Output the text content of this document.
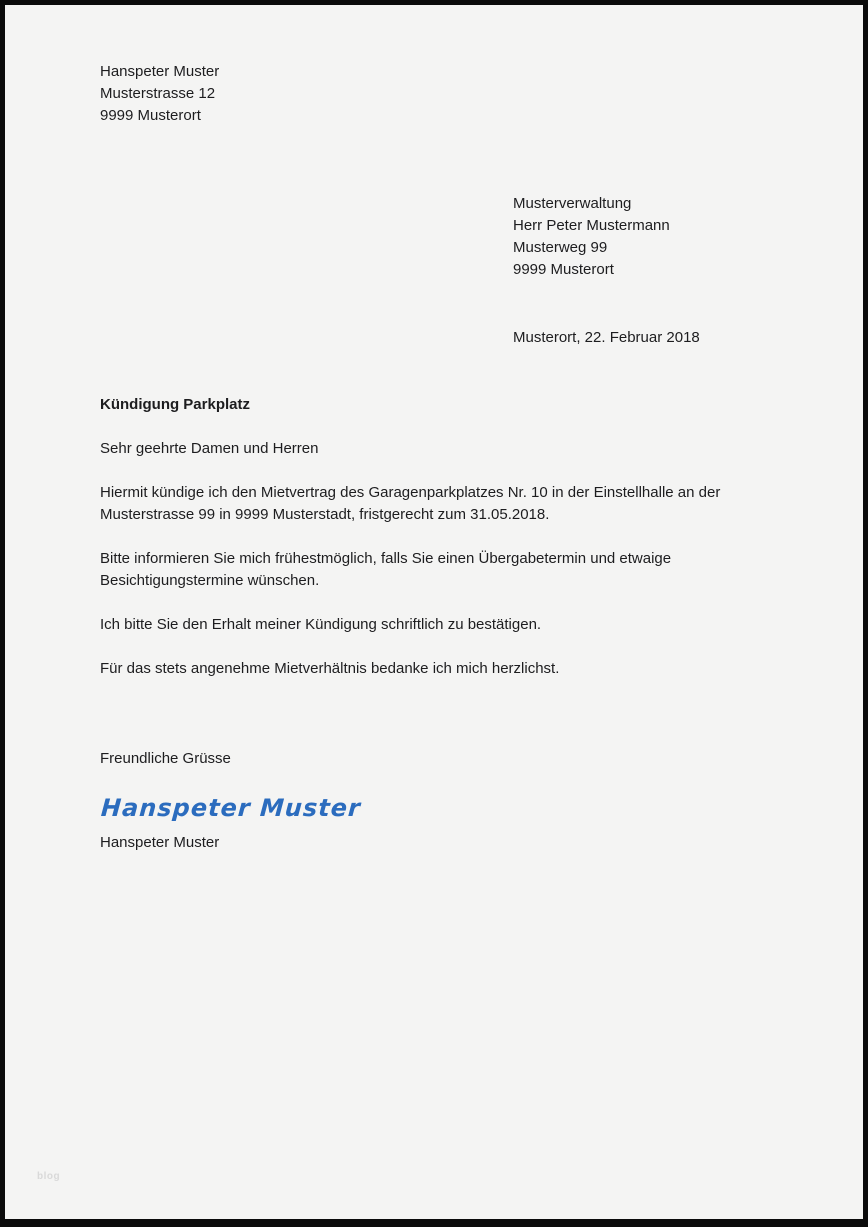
blog
Hanspeter Muster
Musterstrasse 12
9999 Musterort
Musterverwaltung
Herr Peter Mustermann
Musterweg 99
9999 Musterort
Musterort, 22. Februar 2018
Kündigung Parkplatz
Sehr geehrte Damen und Herren
Hiermit kündige ich den Mietvertrag des Garagenparkplatzes Nr. 10 in der Einstellhalle an der Musterstrasse 99 in 9999 Musterstadt, fristgerecht zum 31.05.2018.
Bitte informieren Sie mich frühestmöglich, falls Sie einen Übergabetermin und etwaige Besichtigungstermine wünschen.
Ich bitte Sie den Erhalt meiner Kündigung schriftlich zu bestätigen.
Für das stets angenehme Mietverhältnis bedanke ich mich herzlichst.
Freundliche Grüsse
Hanspeter Muster
Hanspeter Muster
